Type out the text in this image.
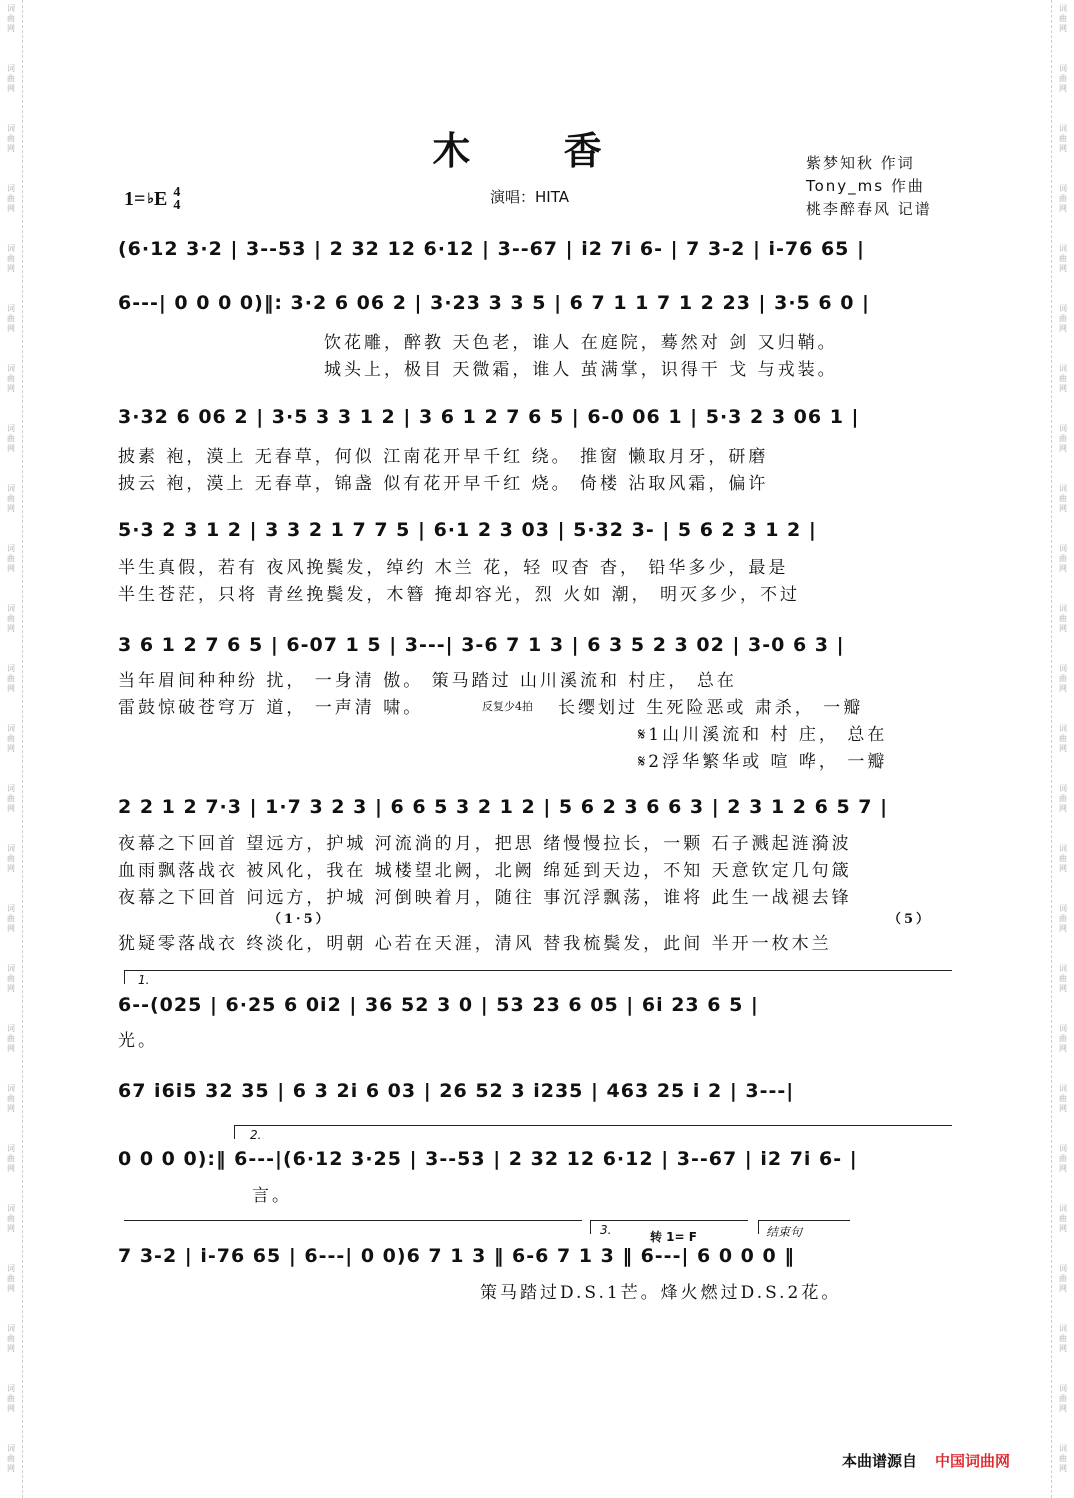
词
曲
网
词
曲
网
词
曲
网
词
曲
网
词
曲
网
词
曲
网
词
曲
网
词
曲
网
词
曲
网
词
曲
网
词
曲
网
词
曲
网
词
曲
网
词
曲
网
词
曲
网
词
曲
网
词
曲
网
词
曲
网
词
曲
网
词
曲
网
词
曲
网
词
曲
网
词
曲
网
词
曲
网
词
曲
网
词
曲
网
词
曲
网
词
曲
网
词
曲
网
词
曲
网
词
曲
网
词
曲
网
词
曲
网
词
曲
网
词
曲
网
词
曲
网
词
曲
网
词
曲
网
词
曲
网
词
曲
网
词
曲
网
词
曲
网
词
曲
网
词
曲
网
词
曲
网
词
曲
网
词
曲
网
词
曲
网
词
曲
网
词
曲
网
木 香
1= ♭ E 4
4	演唱：HITA
紫梦知秋 作词
Tony_ms 作曲
桃李醉春风 记谱
(6·12 3·2 | 3--53 | 2 32 12 6·12 | 3--67 | i2 7i 6- | 7 3-2 | i-76 65 |
6---| 0 0 0 0)‖: 3·2 6 06 2 | 3·23 3 3 5 | 6 7 1 1 7 1 2 23 | 3·5 6 0 |
饮花雕，醉教 天色老，谁人 在庭院，蓦然对 剑 又归鞘。
城头上，极目 天微霜，谁人 茧满掌，识得干 戈 与戎装。
3·32 6 06 2 | 3·5 3 3 1 2 | 3 6 1 2 7 6 5 | 6-0 06 1 | 5·3 2 3 06 1 |
披素 袍，漠上 无春草，何似 江南花开早千红 绕。 推窗 懒取月牙，研磨
披云 袍，漠上 无春草，锦盏 似有花开早千红 烧。 倚楼 沾取风霜，偏许
5·3 2 3 1 2 | 3 3 2 1 7 7 5 | 6·1 2 3 03 | 5·32 3- | 5 6 2 3 1 2 |
半生真假，若有 夜风挽鬓发，绰约 木兰 花，轻 叹杳 杳， 铅华多少，最是
半生苍茫，只将 青丝挽鬓发，木簪 掩却容光，烈 火如 潮， 明灭多少，不过
3 6 1 2 7 6 5 | 6-07 1 5 | 3---| 3-6 7 1 3 | 6 3 5 2 3 02 | 3-0 6 3 |
当年眉间种种纷 扰， 一身清 傲。 策马踏过 山川溪流和 村庄， 总在
雷鼓惊破苍穹万 道， 一声清 啸。	反复少4拍	长缨划过 生死险恶或 肃杀， 一瓣
𝄋1山川溪流和 村 庄， 总在
𝄋2浮华繁华或 喧 哗， 一瓣
2 2 1 2 7·3 | 1·7 3 2 3 | 6 6 5 3 2 1 2 | 5 6 2 3 6 6 3 | 2 3 1 2 6 5 7 |
夜幕之下回首 望远方，护城 河流淌的月，把思 绪慢慢拉长，一颗 石子溅起涟漪波
血雨飘落战衣 被风化，我在 城楼望北阙，北阙 绵延到天边，不知 天意钦定几句箴
夜幕之下回首 问远方，护城 河倒映着月，随往 事沉浮飘荡，谁将 此生一战褪去锋
（1·5）	（5）
犹疑零落战衣 终淡化，明朝 心若在天涯，清风 替我梳鬓发，此间 半开一枚木兰
1.
6--(025 | 6·25 6 0i2 | 36 52 3 0 | 53 23 6 05 | 6i 23 6 5 |
光。
67 i6i5 32 35 | 6 3 2i 6 03 | 26 52 3 i235 | 463 25 i 2 | 3---|
2.
0 0 0 0):‖ 6---|(6·12 3·25 | 3--53 | 2 32 12 6·12 | 3--67 | i2 7i 6- |
言。
3.	转 1= F	结束句
7 3-2 | i-76 65 | 6---| 0 0)6 7 1 3 ‖ 6-6 7 1 3 ‖ 6---| 6 0 0 0 ‖
策马踏过D.S.1芒。烽火燃过D.S.2花。
本曲谱源自 中国词曲网
